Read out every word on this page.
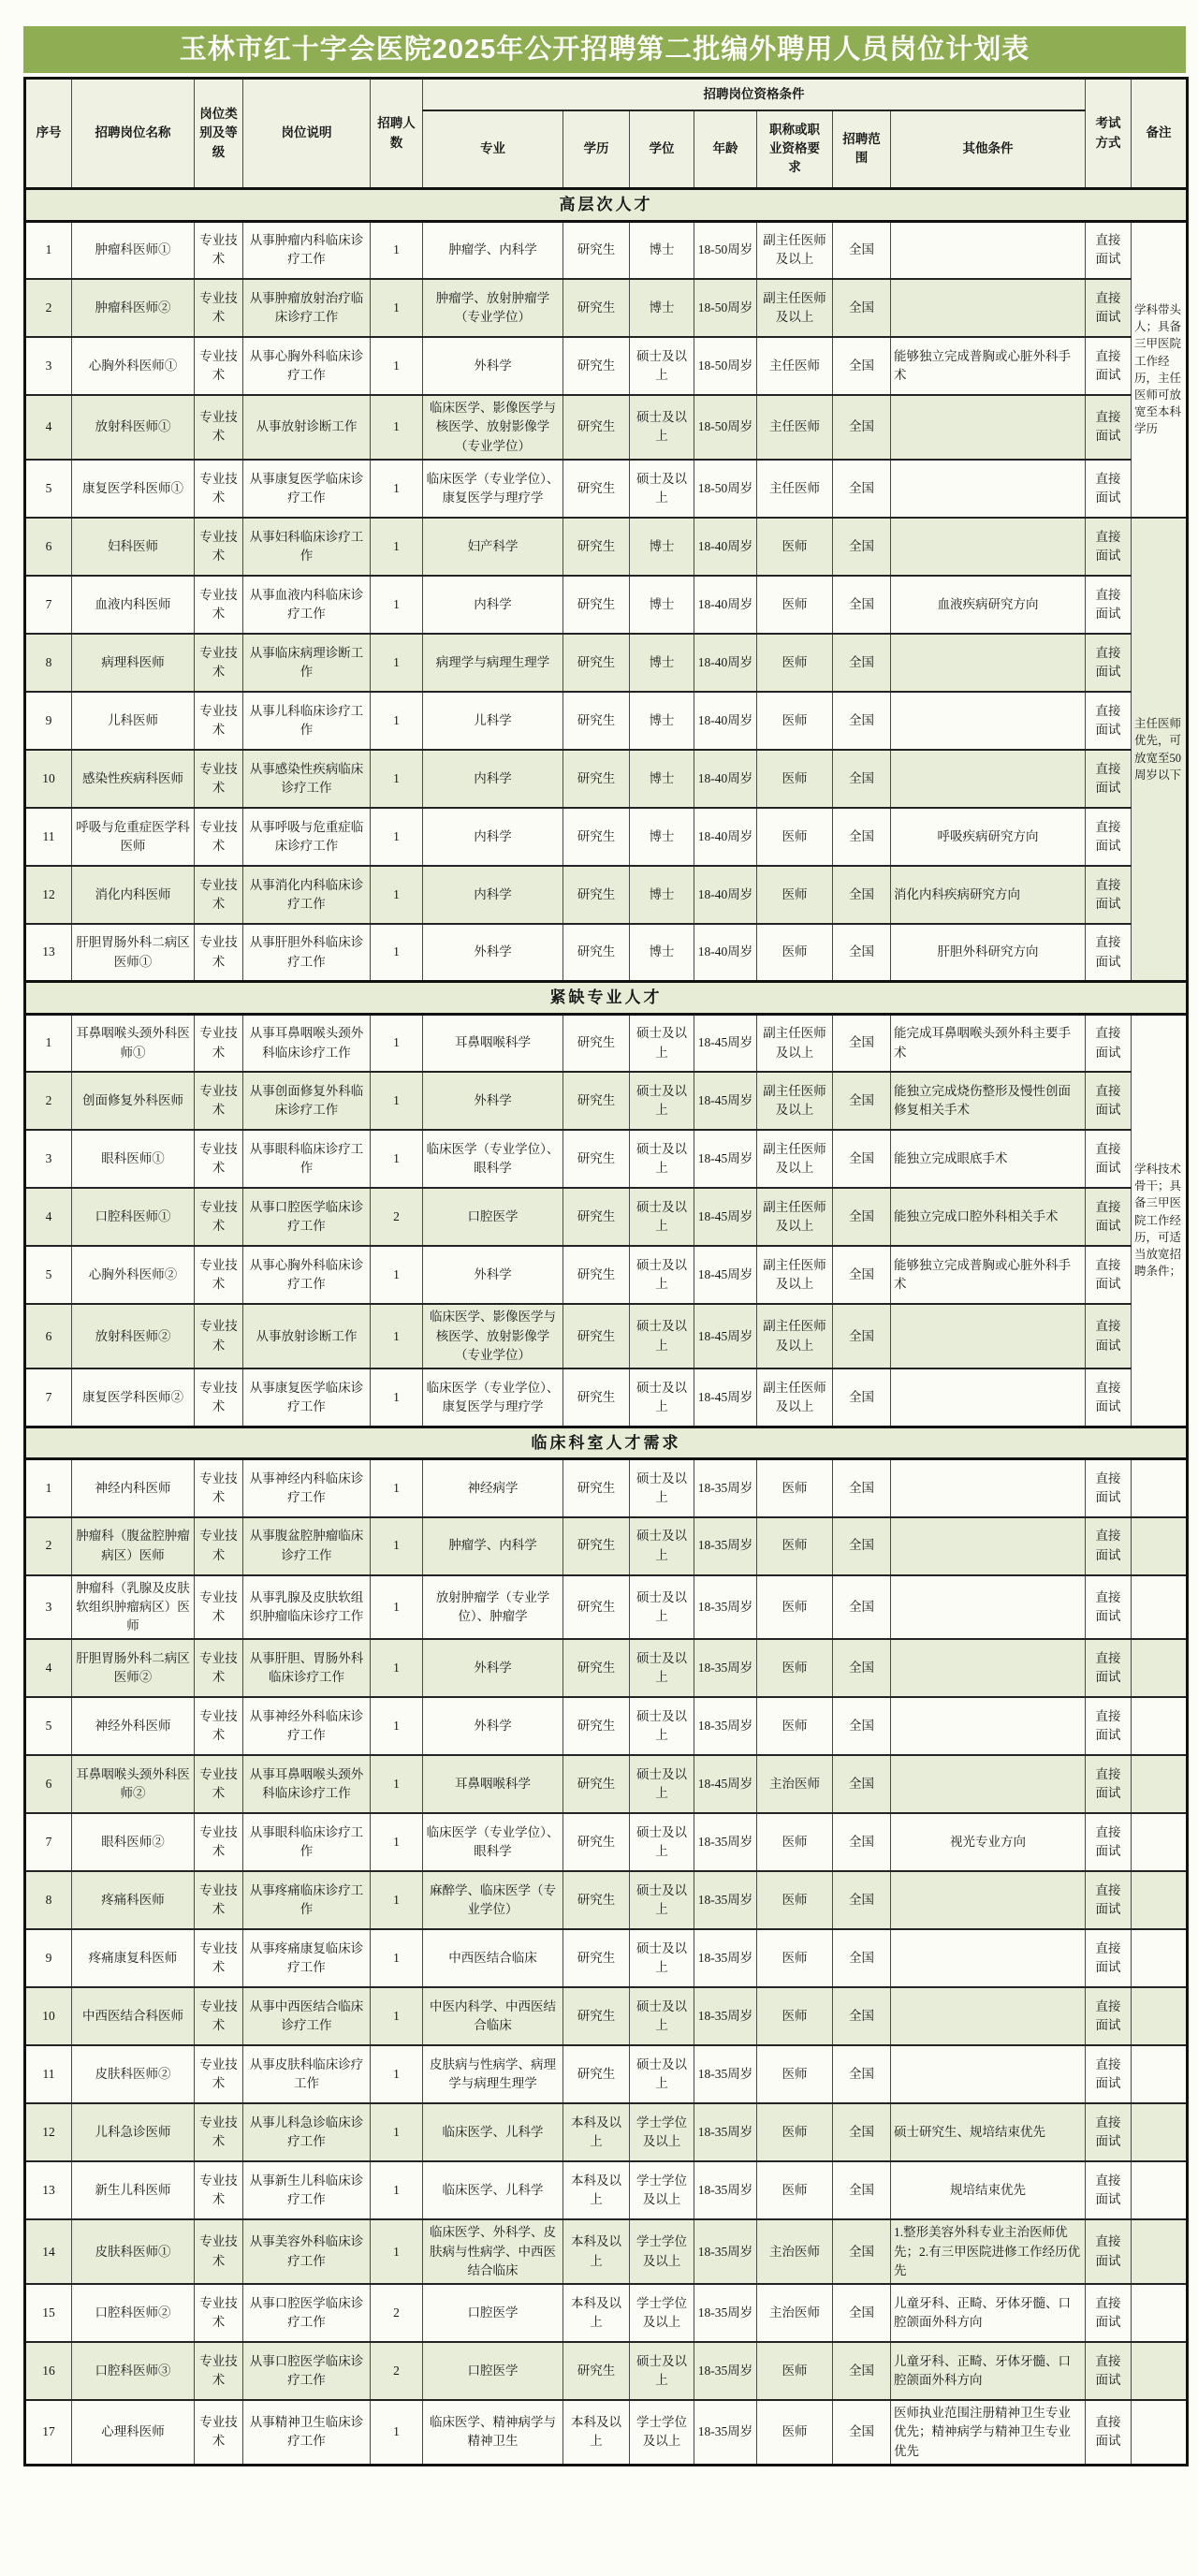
玉林市红十字会医院2025年公开招聘第二批编外聘用人员岗位计划表
序号	招聘岗位名称	岗位类别及等级	岗位说明	招聘人数	招聘岗位资格条件							考试方式	备注
					专业	学历	学位	年龄	职称或职业资格要求	招聘范围	其他条件		
高层次人才													
1	肿瘤科医师①	专业技术	从事肿瘤内科临床诊疗工作	1	肿瘤学、内科学	研究生	博士	18-50周岁	副主任医师及以上	全国		直接面试	学科带头人；具备三甲医院工作经历，主任医师可放宽至本科学历
2	肿瘤科医师②	专业技术	从事肿瘤放射治疗临床诊疗工作	1	肿瘤学、放射肿瘤学（专业学位）	研究生	博士	18-50周岁	副主任医师及以上	全国		直接面试	
3	心胸外科医师①	专业技术	从事心胸外科临床诊疗工作	1	外科学	研究生	硕士及以上	18-50周岁	主任医师	全国	能够独立完成普胸或心脏外科手术	直接面试	
4	放射科医师①	专业技术	从事放射诊断工作	1	临床医学、影像医学与核医学、放射影像学（专业学位）	研究生	硕士及以上	18-50周岁	主任医师	全国		直接面试	
5	康复医学科医师①	专业技术	从事康复医学临床诊疗工作	1	临床医学（专业学位）、康复医学与理疗学	研究生	硕士及以上	18-50周岁	主任医师	全国		直接面试	
6	妇科医师	专业技术	从事妇科临床诊疗工作	1	妇产科学	研究生	博士	18-40周岁	医师	全国		直接面试	主任医师优先，可放宽至50周岁以下
7	血液内科医师	专业技术	从事血液内科临床诊疗工作	1	内科学	研究生	博士	18-40周岁	医师	全国	血液疾病研究方向	直接面试	
8	病理科医师	专业技术	从事临床病理诊断工作	1	病理学与病理生理学	研究生	博士	18-40周岁	医师	全国		直接面试	
9	儿科医师	专业技术	从事儿科临床诊疗工作	1	儿科学	研究生	博士	18-40周岁	医师	全国		直接面试	
10	感染性疾病科医师	专业技术	从事感染性疾病临床诊疗工作	1	内科学	研究生	博士	18-40周岁	医师	全国		直接面试	
11	呼吸与危重症医学科医师	专业技术	从事呼吸与危重症临床诊疗工作	1	内科学	研究生	博士	18-40周岁	医师	全国	呼吸疾病研究方向	直接面试	
12	消化内科医师	专业技术	从事消化内科临床诊疗工作	1	内科学	研究生	博士	18-40周岁	医师	全国	消化内科疾病研究方向	直接面试	
13	肝胆胃肠外科二病区医师①	专业技术	从事肝胆外科临床诊疗工作	1	外科学	研究生	博士	18-40周岁	医师	全国	肝胆外科研究方向	直接面试	
紧缺专业人才													
1	耳鼻咽喉头颈外科医师①	专业技术	从事耳鼻咽喉头颈外科临床诊疗工作	1	耳鼻咽喉科学	研究生	硕士及以上	18-45周岁	副主任医师及以上	全国	能完成耳鼻咽喉头颈外科主要手术	直接面试	学科技术骨干；具备三甲医院工作经历，可适当放宽招聘条件；
2	创面修复外科医师	专业技术	从事创面修复外科临床诊疗工作	1	外科学	研究生	硕士及以上	18-45周岁	副主任医师及以上	全国	能独立完成烧伤整形及慢性创面修复相关手术	直接面试	
3	眼科医师①	专业技术	从事眼科临床诊疗工作	1	临床医学（专业学位）、眼科学	研究生	硕士及以上	18-45周岁	副主任医师及以上	全国	能独立完成眼底手术	直接面试	
4	口腔科医师①	专业技术	从事口腔医学临床诊疗工作	2	口腔医学	研究生	硕士及以上	18-45周岁	副主任医师及以上	全国	能独立完成口腔外科相关手术	直接面试	
5	心胸外科医师②	专业技术	从事心胸外科临床诊疗工作	1	外科学	研究生	硕士及以上	18-45周岁	副主任医师及以上	全国	能够独立完成普胸或心脏外科手术	直接面试	
6	放射科医师②	专业技术	从事放射诊断工作	1	临床医学、影像医学与核医学、放射影像学（专业学位）	研究生	硕士及以上	18-45周岁	副主任医师及以上	全国		直接面试	
7	康复医学科医师②	专业技术	从事康复医学临床诊疗工作	1	临床医学（专业学位）、康复医学与理疗学	研究生	硕士及以上	18-45周岁	副主任医师及以上	全国		直接面试	
临床科室人才需求													
1	神经内科医师	专业技术	从事神经内科临床诊疗工作	1	神经病学	研究生	硕士及以上	18-35周岁	医师	全国		直接面试	
2	肿瘤科（腹盆腔肿瘤病区）医师	专业技术	从事腹盆腔肿瘤临床诊疗工作	1	肿瘤学、内科学	研究生	硕士及以上	18-35周岁	医师	全国		直接面试	
3	肿瘤科（乳腺及皮肤软组织肿瘤病区）医师	专业技术	从事乳腺及皮肤软组织肿瘤临床诊疗工作	1	放射肿瘤学（专业学位）、肿瘤学	研究生	硕士及以上	18-35周岁	医师	全国		直接面试	
4	肝胆胃肠外科二病区医师②	专业技术	从事肝胆、胃肠外科临床诊疗工作	1	外科学	研究生	硕士及以上	18-35周岁	医师	全国		直接面试	
5	神经外科医师	专业技术	从事神经外科临床诊疗工作	1	外科学	研究生	硕士及以上	18-35周岁	医师	全国		直接面试	
6	耳鼻咽喉头颈外科医师②	专业技术	从事耳鼻咽喉头颈外科临床诊疗工作	1	耳鼻咽喉科学	研究生	硕士及以上	18-45周岁	主治医师	全国		直接面试	
7	眼科医师②	专业技术	从事眼科临床诊疗工作	1	临床医学（专业学位）、眼科学	研究生	硕士及以上	18-35周岁	医师	全国	视光专业方向	直接面试	
8	疼痛科医师	专业技术	从事疼痛临床诊疗工作	1	麻醉学、临床医学（专业学位）	研究生	硕士及以上	18-35周岁	医师	全国		直接面试	
9	疼痛康复科医师	专业技术	从事疼痛康复临床诊疗工作	1	中西医结合临床	研究生	硕士及以上	18-35周岁	医师	全国		直接面试	
10	中西医结合科医师	专业技术	从事中西医结合临床诊疗工作	1	中医内科学、中西医结合临床	研究生	硕士及以上	18-35周岁	医师	全国		直接面试	
11	皮肤科医师②	专业技术	从事皮肤科临床诊疗工作	1	皮肤病与性病学、病理学与病理生理学	研究生	硕士及以上	18-35周岁	医师	全国		直接面试	
12	儿科急诊医师	专业技术	从事儿科急诊临床诊疗工作	1	临床医学、儿科学	本科及以上	学士学位及以上	18-35周岁	医师	全国	硕士研究生、规培结束优先	直接面试	
13	新生儿科医师	专业技术	从事新生儿科临床诊疗工作	1	临床医学、儿科学	本科及以上	学士学位及以上	18-35周岁	医师	全国	规培结束优先	直接面试	
14	皮肤科医师①	专业技术	从事美容外科临床诊疗工作	1	临床医学、外科学、皮肤病与性病学、中西医结合临床	本科及以上	学士学位及以上	18-35周岁	主治医师	全国	1.整形美容外科专业主治医师优先；2.有三甲医院进修工作经历优先	直接面试	
15	口腔科医师②	专业技术	从事口腔医学临床诊疗工作	2	口腔医学	本科及以上	学士学位及以上	18-35周岁	主治医师	全国	儿童牙科、正畸、牙体牙髓、口腔颌面外科方向	直接面试	
16	口腔科医师③	专业技术	从事口腔医学临床诊疗工作	2	口腔医学	研究生	硕士及以上	18-35周岁	医师	全国	儿童牙科、正畸、牙体牙髓、口腔颌面外科方向	直接面试	
17	心理科医师	专业技术	从事精神卫生临床诊疗工作	1	临床医学、精神病学与精神卫生	本科及以上	学士学位及以上	18-35周岁	医师	全国	医师执业范围注册精神卫生专业优先；精神病学与精神卫生专业优先	直接面试	
